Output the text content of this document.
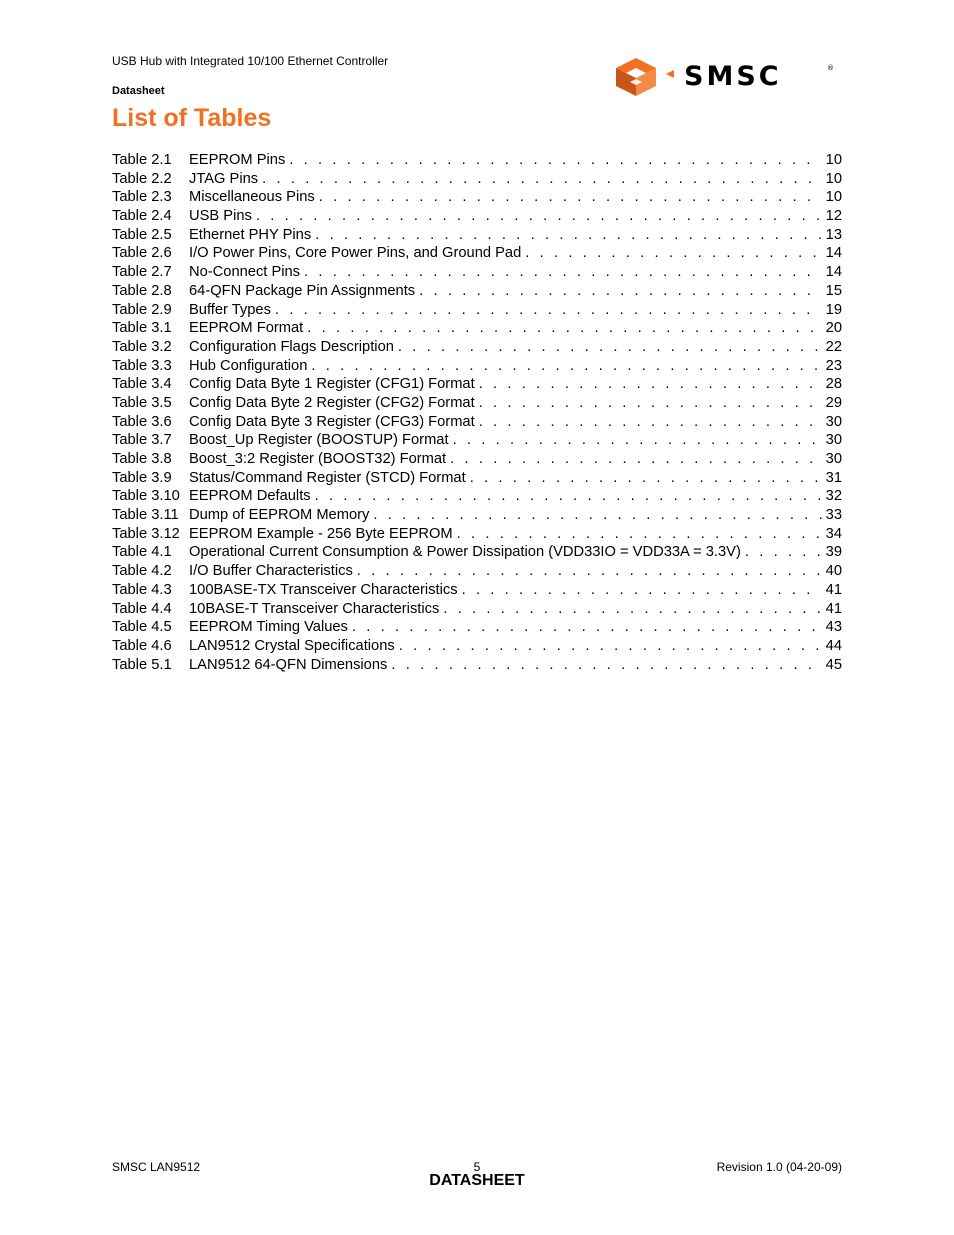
USB Hub with Integrated 10/100 Ethernet Controller
Datasheet	SMSC	®
List of Tables
Table 2.1	EEPROM Pins . . .	10
Table 2.2	JTAG Pins . . .	10
Table 2.3	Miscellaneous Pins . . .	10
Table 2.4	USB Pins . . .	12
Table 2.5	Ethernet PHY Pins . . .	13
Table 2.6	I/O Power Pins, Core Power Pins, and Ground Pad . . .	14
Table 2.7	No-Connect Pins . . .	14
Table 2.8	64-QFN Package Pin Assignments . . .	15
Table 2.9	Buffer Types . . .	19
Table 3.1	EEPROM Format . . .	20
Table 3.2	Configuration Flags Description . . .	22
Table 3.3	Hub Configuration . . .	23
Table 3.4	Config Data Byte 1 Register (CFG1) Format . . .	28
Table 3.5	Config Data Byte 2 Register (CFG2) Format . . .	29
Table 3.6	Config Data Byte 3 Register (CFG3) Format . . .	30
Table 3.7	Boost_Up Register (BOOSTUP) Format . . .	30
Table 3.8	Boost_3:2 Register (BOOST32) Format . . .	30
Table 3.9	Status/Command Register (STCD) Format . . .	31
Table 3.10 EEPROM Defaults . . .	32
Table 3.11 Dump of EEPROM Memory . . .	33
Table 3.12 EEPROM Example - 256 Byte EEPROM . . .	34
Table 4.1	Operational Current Consumption & Power Dissipation (VDD33IO = VDD33A = 3.3V) . . .	39
Table 4.2	I/O Buffer Characteristics . . .	40
Table 4.3	100BASE-TX Transceiver Characteristics . . .	41
Table 4.4	10BASE-T Transceiver Characteristics . . .	41
Table 4.5	EEPROM Timing Values . . .	43
Table 4.6	LAN9512 Crystal Specifications . . .	44
Table 5.1	LAN9512 64-QFN Dimensions . . .	45
SMSC LAN9512	5
DATASHEET
Revision 1.0 (04-20-09)
